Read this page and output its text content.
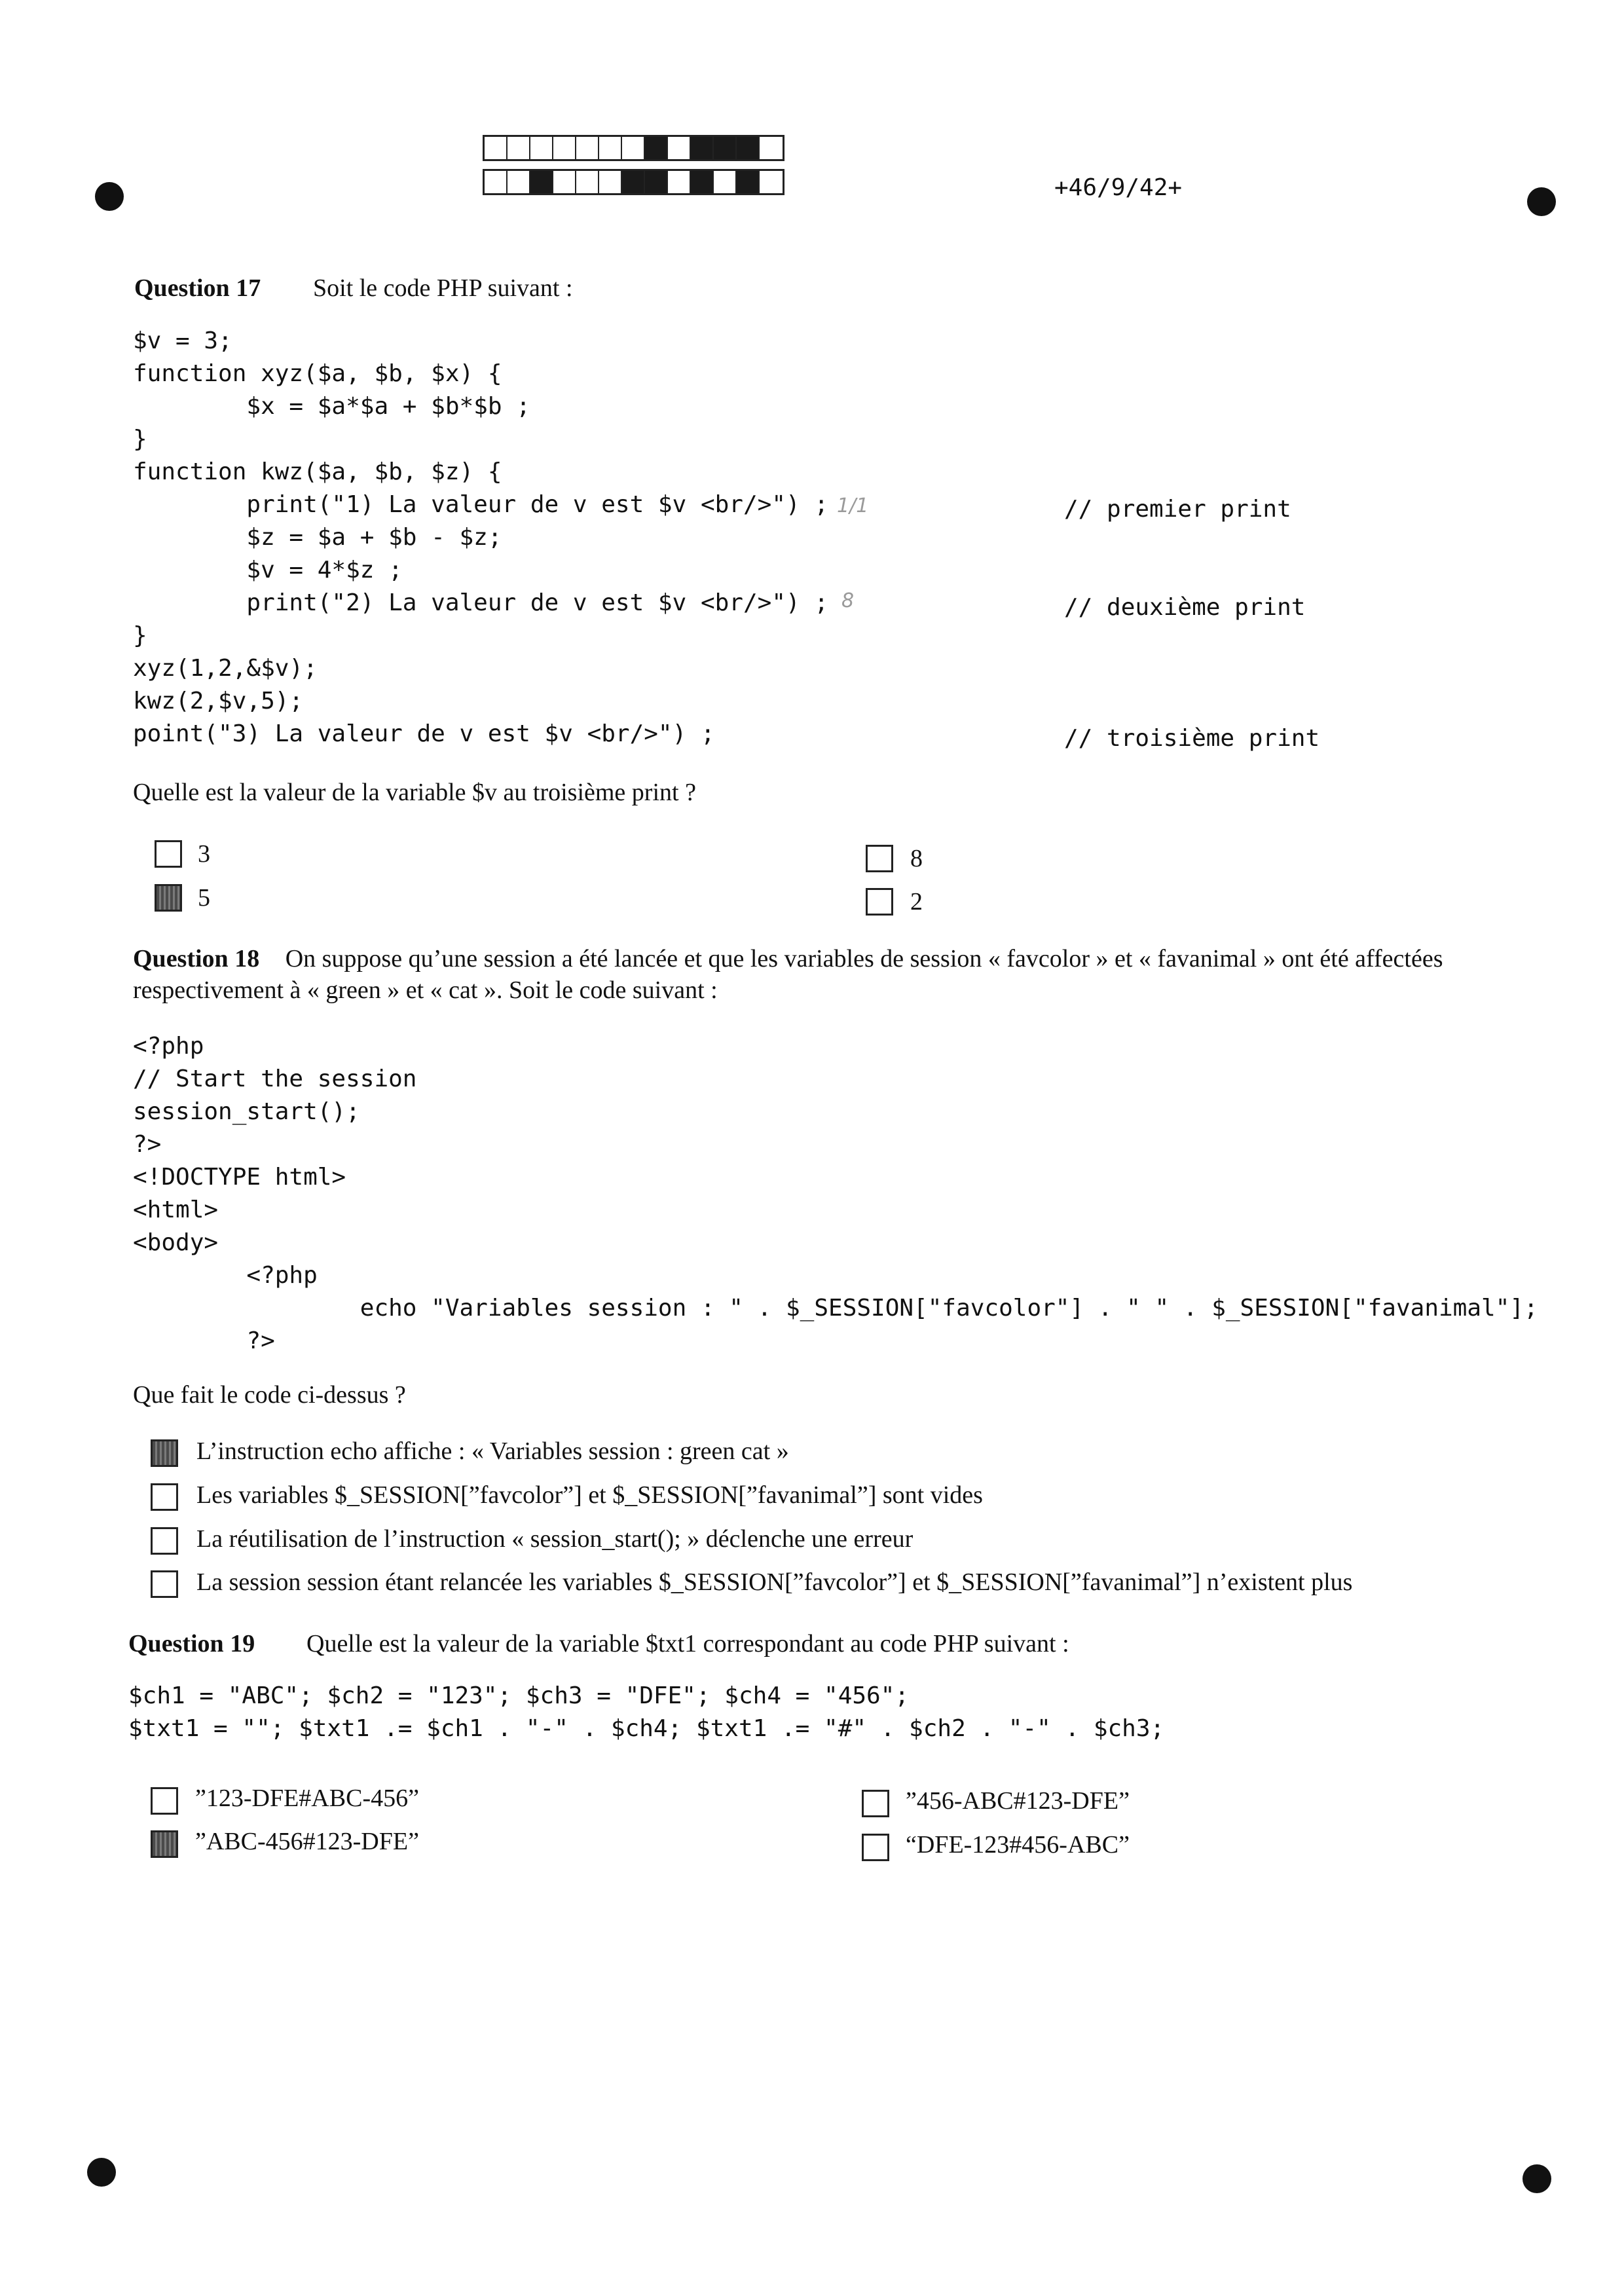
+46/9/42+
Question 17 Soit le code PHP suivant :
$v = 3;
function xyz($a, $b, $x) {
$x = $a*$a + $b*$b ;
}
function kwz($a, $b, $z) {
print("1) La valeur de v est $v <br/>") ;
$z = $a + $b - $z;
$v = 4*$z ;
print("2) La valeur de v est $v <br/>") ;
}
xyz(1,2,&$v);
kwz(2,$v,5);
point("3) La valeur de v est $v <br/>") ;
// premier print
// deuxième print
// troisième print
1/1
8
Quelle est la valeur de la variable $v au troisième print ?
3
5
8
2
Question 18 On suppose qu’une session a été lancée et que les variables de session « favcolor » et « favanimal » ont été affectées respectivement à « green » et « cat ». Soit le code suivant :
<?php
// Start the session
session_start();
?>
<!DOCTYPE html>
<html>
<body>
<?php
echo "Variables session : " . $_SESSION["favcolor"] . " " . $_SESSION["favanimal"];
?>
Que fait le code ci-dessus ?
L’instruction echo affiche : « Variables session : green cat »
Les variables $_SESSION[”favcolor”] et $_SESSION[”favanimal”] sont vides
La réutilisation de l’instruction « session_start(); » déclenche une erreur
La session session étant relancée les variables $_SESSION[”favcolor”] et $_SESSION[”favanimal”] n’existent plus
Question 19 Quelle est la valeur de la variable $txt1 correspondant au code PHP suivant :
$ch1 = "ABC"; $ch2 = "123"; $ch3 = "DFE"; $ch4 = "456";
$txt1 = ""; $txt1 .= $ch1 . "-" . $ch4; $txt1 .= "#" . $ch2 . "-" . $ch3;
”123-DFE#ABC-456”
”ABC-456#123-DFE”
”456-ABC#123-DFE”
“DFE-123#456-ABC”
